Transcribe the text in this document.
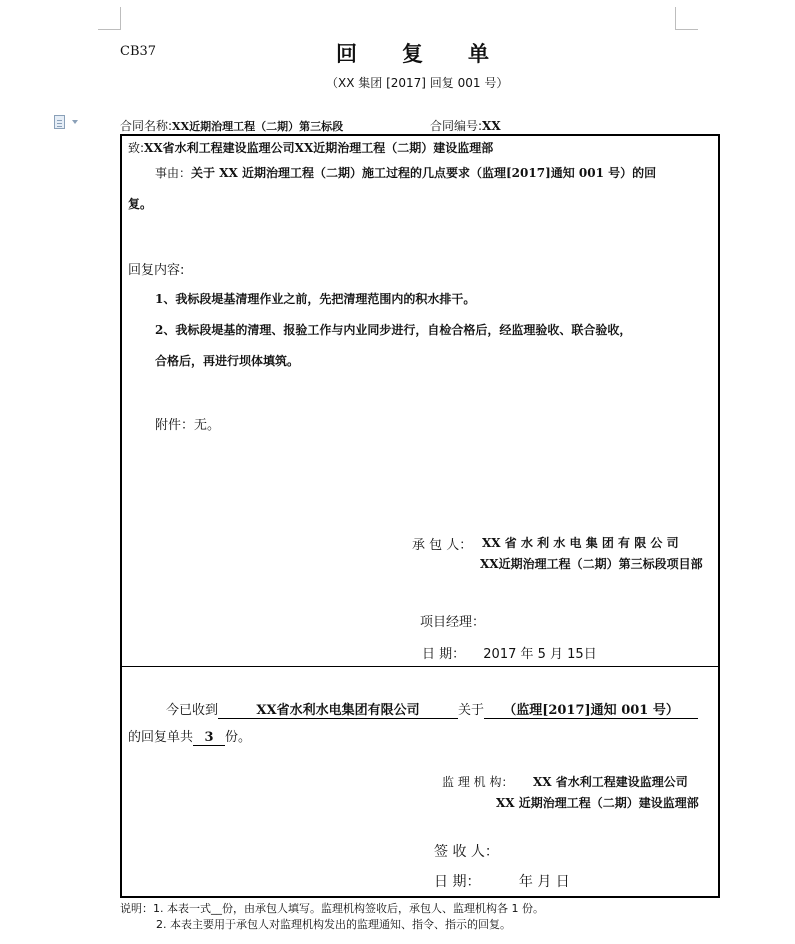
CB37	回　　复　　单
（XX 集团 [2017] 回复 001 号）
合同名称:XX近期治理工程（二期）第三标段	合同编号:XX
致:XX省水利工程建设监理公司XX近期治理工程（二期）建设监理部
事由：关于 XX 近期治理工程（二期）施工过程的几点要求（监理[2017]通知 001 号）的回
复。
回复内容:
1、我标段堤基清理作业之前，先把清理范围内的积水排干。
2、我标段堤基的清理、报验工作与内业同步进行，自检合格后，经监理验收、联合验收，
合格后，再进行坝体填筑。
附件：无。
承 包 人： XX 省 水 利 水 电 集 团 有 限 公 司
XX近期治理工程（二期）第三标段项目部
项目经理：
日 期： 2017 年 5 月 15日
今已收到	XX省水利水电集团有限公司	关于 （监理[2017]通知 001 号）
的回复单共 3 份。
监 理 机 构： XX 省水利工程建设监理公司
XX 近期治理工程（二期）建设监理部
签 收 人：
日 期：	年 月 日
说明：1. 本表一式__份，由承包人填写。监理机构签收后，承包人、监理机构各 1 份。
2. 本表主要用于承包人对监理机构发出的监理通知、指令、指示的回复。
